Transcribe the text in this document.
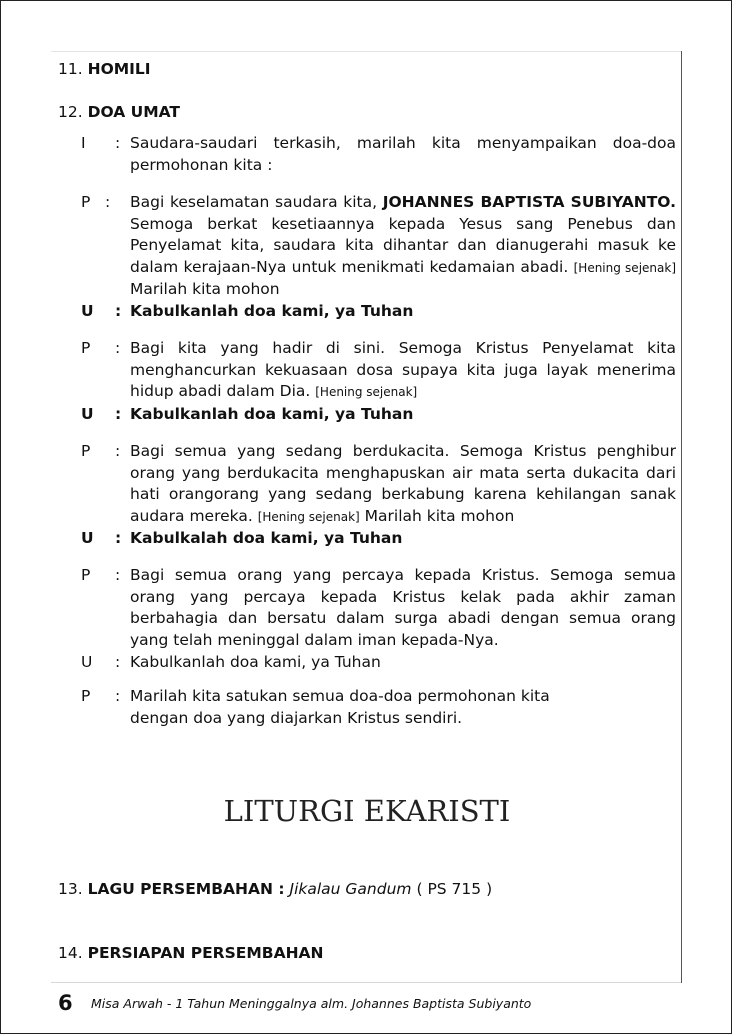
11. HOMILI
12. DOA UMAT
I	: Saudara-saudari terkasih, marilah kita menyampaikan doa-doa permohonan kita :
P : Bagi keselamatan saudara kita, JOHANNES BAPTISTA SUBIYANTO. Semoga berkat kesetiaannya kepada Yesus sang Penebus dan Penyelamat kita, saudara kita dihantar dan dianugerahi masuk ke dalam kerajaan-Nya untuk menikmati kedamaian abadi. [Hening sejenak] Marilah kita mohon
U	: Kabulkanlah doa kami, ya Tuhan
P	: Bagi kita yang hadir di sini. Semoga Kristus Penyelamat kita menghancurkan kekuasaan dosa supaya kita juga layak menerima hidup abadi dalam Dia. [Hening sejenak]
U	: Kabulkanlah doa kami, ya Tuhan
P	: Bagi semua yang sedang berdukacita. Semoga Kristus penghibur orang yang berdukacita menghapuskan air mata serta dukacita dari hati orangorang yang sedang berkabung karena kehilangan sanak audara mereka. [Hening sejenak] Marilah kita mohon
U	: Kabulkalah doa kami, ya Tuhan
P	: Bagi semua orang yang percaya kepada Kristus. Semoga semua orang yang percaya kepada Kristus kelak pada akhir zaman berbahagia dan bersatu dalam surga abadi dengan semua orang yang telah meninggal dalam iman kepada-Nya.
U	: Kabulkanlah doa kami, ya Tuhan
P	: Marilah kita satukan semua doa-doa permohonan kita
dengan doa yang diajarkan Kristus sendiri.
LITURGI EKARISTI
13. LAGU PERSEMBAHAN : Jikalau Gandum ( PS 715 )
14. PERSIAPAN PERSEMBAHAN
6 Misa Arwah - 1 Tahun Meninggalnya alm. Johannes Baptista Subiyanto
